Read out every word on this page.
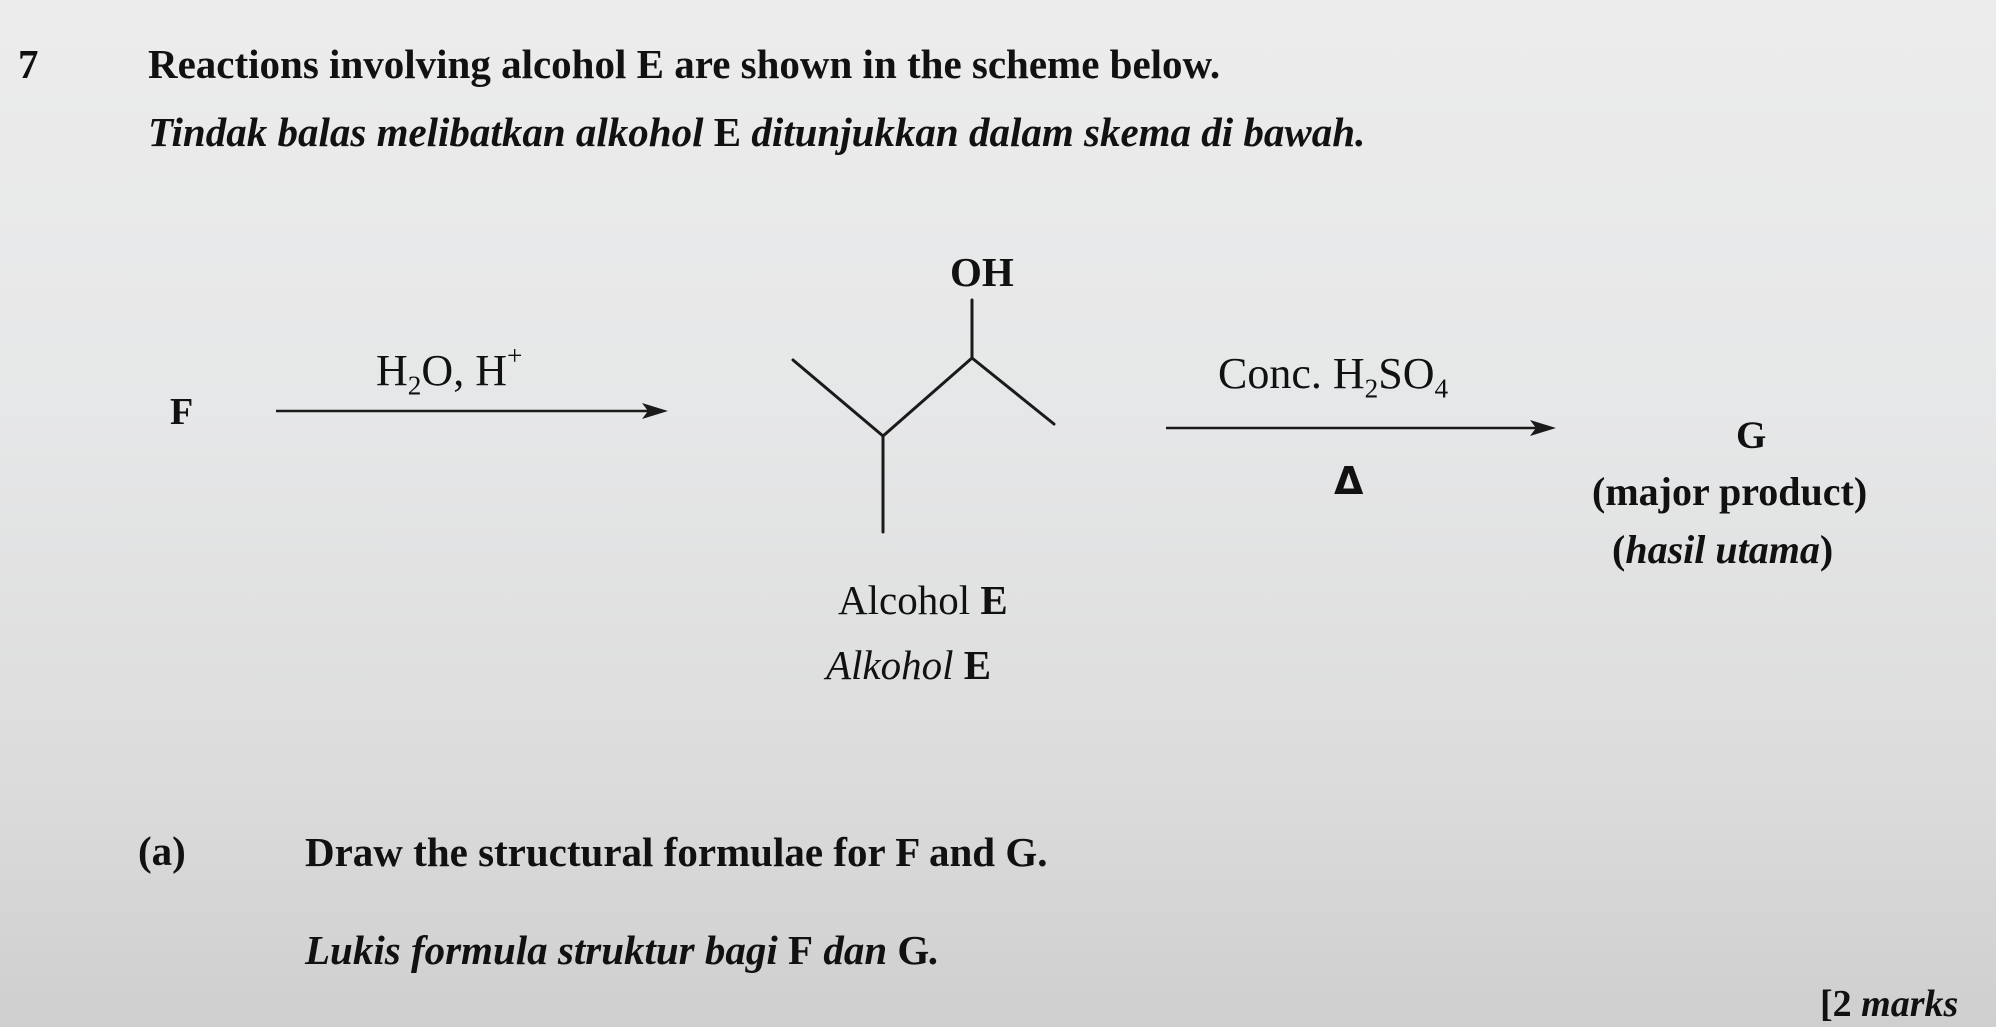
7	Reactions involving alcohol E are shown in the scheme below.
Tindak balas melibatkan alkohol E ditunjukkan dalam skema di bawah.
F
$H_2O$, H+
OH
Conc. $H_2SO_4$
Δ
G
(major product)
(hasil utama)
Alcohol E
Alkohol E
(a)	Draw the structural formulae for F and G.
Lukis formula struktur bagi F dan G.
[2 marks
